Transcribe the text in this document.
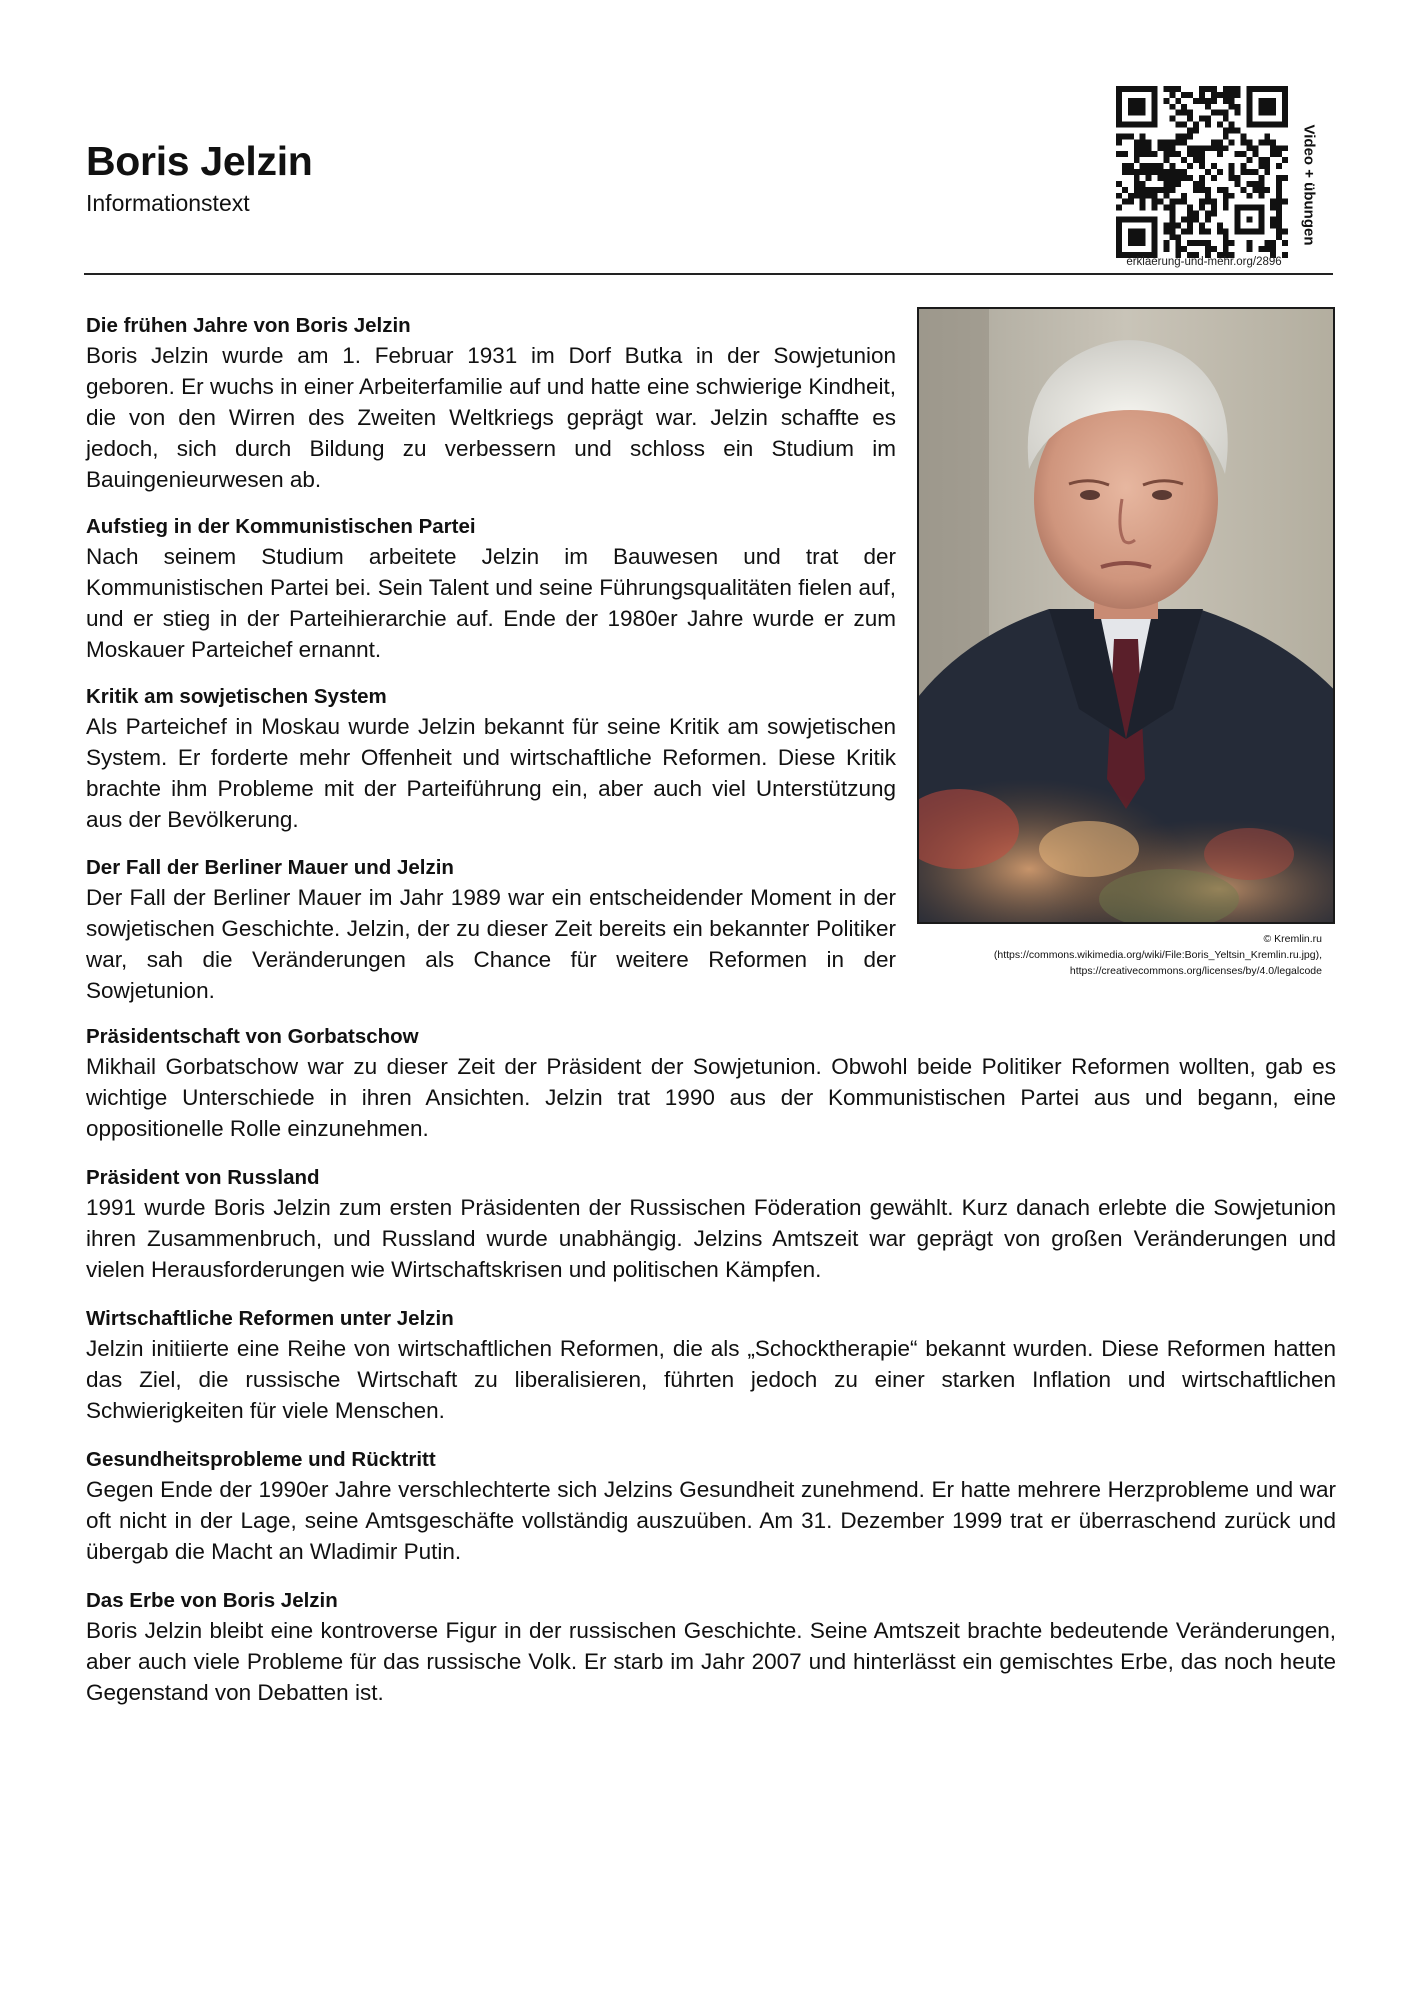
Boris Jelzin
Informationstext
erklaerung-und-mehr.org/2896
Video + übungen
© Kremlin.ru
(https://commons.wikimedia.org/wiki/File:Boris_Yeltsin_Kremlin.ru.jpg),
https://creativecommons.org/licenses/by/4.0/legalcode
Die frühen Jahre von Boris Jelzin

Boris Jelzin wurde am 1. Februar 1931 im Dorf Butka in der Sowjetunion geboren. Er wuchs in einer Arbeiterfamilie auf und hatte eine schwierige Kindheit, die von den Wirren des Zweiten Weltkriegs geprägt war. Jelzin schaffte es jedoch, sich durch Bildung zu verbessern und schloss ein Studium im Bauingenieurwesen ab.

Aufstieg in der Kommunistischen Partei

Nach seinem Studium arbeitete Jelzin im Bauwesen und trat der Kommunistischen Partei bei. Sein Talent und seine Führungsqualitäten fielen auf, und er stieg in der Parteihierarchie auf. Ende der 1980er Jahre wurde er zum Moskauer Parteichef ernannt.

Kritik am sowjetischen System

Als Parteichef in Moskau wurde Jelzin bekannt für seine Kritik am sowjetischen System. Er forderte mehr Offenheit und wirtschaftliche Reformen. Diese Kritik brachte ihm Probleme mit der Parteiführung ein, aber auch viel Unterstützung aus der Bevölkerung.

Der Fall der Berliner Mauer und Jelzin

Der Fall der Berliner Mauer im Jahr 1989 war ein entscheidender Moment in der sowjetischen Geschichte. Jelzin, der zu dieser Zeit bereits ein bekannter Politiker war, sah die Veränderungen als Chance für weitere Reformen in der Sowjetunion.

Präsidentschaft von Gorbatschow

Mikhail Gorbatschow war zu dieser Zeit der Präsident der Sowjetunion. Obwohl beide Politiker Reformen wollten, gab es wichtige Unterschiede in ihren Ansichten. Jelzin trat 1990 aus der Kommunistischen Partei aus und begann, eine oppositionelle Rolle einzunehmen.

Präsident von Russland

1991 wurde Boris Jelzin zum ersten Präsidenten der Russischen Föderation gewählt. Kurz danach erlebte die Sowjetunion ihren Zusammenbruch, und Russland wurde unabhängig. Jelzins Amtszeit war geprägt von großen Veränderungen und vielen Herausforderungen wie Wirtschaftskrisen und politischen Kämpfen.

Wirtschaftliche Reformen unter Jelzin

Jelzin initiierte eine Reihe von wirtschaftlichen Reformen, die als „Schocktherapie“ bekannt wurden. Diese Reformen hatten das Ziel, die russische Wirtschaft zu liberalisieren, führten jedoch zu einer starken Inflation und wirtschaftlichen Schwierigkeiten für viele Menschen.

Gesundheitsprobleme und Rücktritt

Gegen Ende der 1990er Jahre verschlechterte sich Jelzins Gesundheit zunehmend. Er hatte mehrere Herzprobleme und war oft nicht in der Lage, seine Amtsgeschäfte vollständig auszuüben. Am 31. Dezember 1999 trat er überraschend zurück und übergab die Macht an Wladimir Putin.

Das Erbe von Boris Jelzin

Boris Jelzin bleibt eine kontroverse Figur in der russischen Geschichte. Seine Amtszeit brachte bedeutende Veränderungen, aber auch viele Probleme für das russische Volk. Er starb im Jahr 2007 und hinterlässt ein gemischtes Erbe, das noch heute Gegenstand von Debatten ist.
